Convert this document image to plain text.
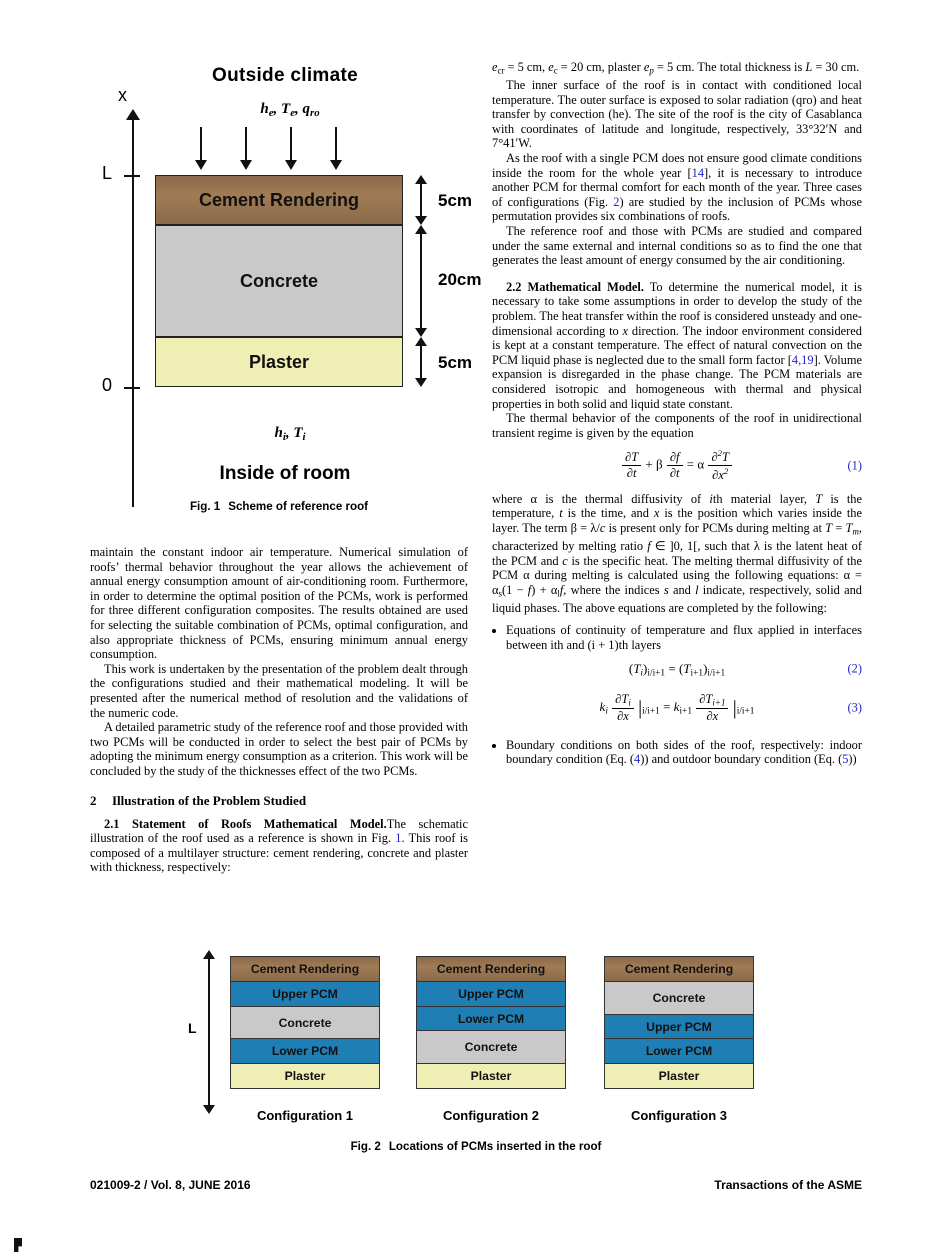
Outside climate
$h_e$, $T_e$, $q_{ro}$
x
L
0
Cement Rendering
Concrete
Plaster
5cm
20cm
5cm
$h_i$, $T_i$
Inside of room
Fig. 1 Scheme of reference roof

maintain the constant indoor air temperature. Numerical simulation of roofs’ thermal behavior throughout the year allows the achievement of annual energy consumption amount of air-conditioning room. Furthermore, in order to determine the optimal position of the PCMs, work is performed for three different configuration composites. The results obtained are used for selecting the suitable combination of PCMs, optimal configuration, and also appropriate thickness of PCMs, ensuring minimum annual energy consumption.

This work is undertaken by the presentation of the problem dealt through the configurations studied and their mathematical modeling. It will be presented after the numerical method of resolution and the validations of the numeric code.

A detailed parametric study of the reference roof and those provided with two PCMs will be conducted in order to select the best pair of PCMs by adopting the minimum energy consumption as a criterion. This work will be concluded by the study of the thicknesses effect of the two PCMs.

2 Illustration of the Problem Studied

2.1 Statement of Roofs Mathematical Model.The schematic illustration of the roof used as a reference is shown in Fig. 1. This roof is composed of a multilayer structure: cement rendering, concrete and plaster with thickness, respectively:

$e_{cr} = 5$ cm, $e_c = 20$ cm, plaster $e_p = 5$ cm. The total thickness is L = 30 cm.

The inner surface of the roof is in contact with conditioned local temperature. The outer surface is exposed to solar radiation (qro) and heat transfer by convection (he). The site of the roof is the city of Casablanca with coordinates of latitude and longitude, respectively, 33°32′N and 7°41′W.

As the roof with a single PCM does not ensure good climate conditions inside the room for the whole year [14], it is necessary to introduce another PCM for thermal comfort for each month of the year. Three cases of configurations (Fig. 2) are studied by the inclusion of PCMs whose permutation provides six combinations of roofs.

The reference roof and those with PCMs are studied and compared under the same external and internal conditions so as to find the one that generates the least amount of energy consumed by the air conditioning.

2.2 Mathematical Model. To determine the numerical model, it is necessary to take some assumptions in order to develop the study of the problem. The heat transfer within the roof is considered unsteady and one-dimensional according to x direction. The indoor environment considered is kept at a constant temperature. The effect of natural convection on the PCM liquid phase is neglected due to the small form factor [4,19]. Volume expansion is disregarded in the phase change. The PCM materials are considered isotropic and homogeneous with thermal and physical properties in both solid and liquid state constant.

The thermal behavior of the components of the roof in unidirectional transient regime is given by the equation

$\frac{\partial T}{\partial t} + \beta \frac{\partial f}{\partial t} = \alpha \frac{\partial^2T}{\partial x^2}$	(1)

where α is the thermal diffusivity of ith material layer, T is the temperature, t is the time, and x is the position which varies inside the layer. The term β = λ/c is present only for PCMs during melting at $T = T_m$, characterized by melting ratio f ∈ ]0, 1[, such that λ is the latent heat of the PCM and c is the specific heat. The melting thermal diffusivity of the PCM α during melting is calculated using the following equations: $\alpha = \alpha_s(1 - f) + \alpha_lf$, where the indices s and l indicate, respectively, solid and liquid phases. The above equations are completed by the following:

• Equations of continuity of temperature and flux applied in interfaces between ith and (i + 1)th layers
$(T_i)_{i/i+1} = (T_{i+1})_{i/i+1}$	(2)
$k_i \frac{\partial T_i}{\partial x} |_{i/i+1} = k_{i+1} \frac{\partial T_{i+1}}{\partial x} |_{i/i+1}$	(3)
• Boundary conditions on both sides of the roof, respectively: indoor boundary condition (Eq. (4)) and outdoor boundary condition (Eq. (5))
L
Cement Rendering
Upper PCM
Concrete
Lower PCM
Plaster
Configuration 1
Cement Rendering
Upper PCM
Lower PCM
Concrete
Plaster
Configuration 2
Cement Rendering
Concrete
Upper PCM
Lower PCM
Plaster
Configuration 3
Fig. 2 Locations of PCMs inserted in the roof
021009-2 / Vol. 8, JUNE 2016	Transactions of the ASME
